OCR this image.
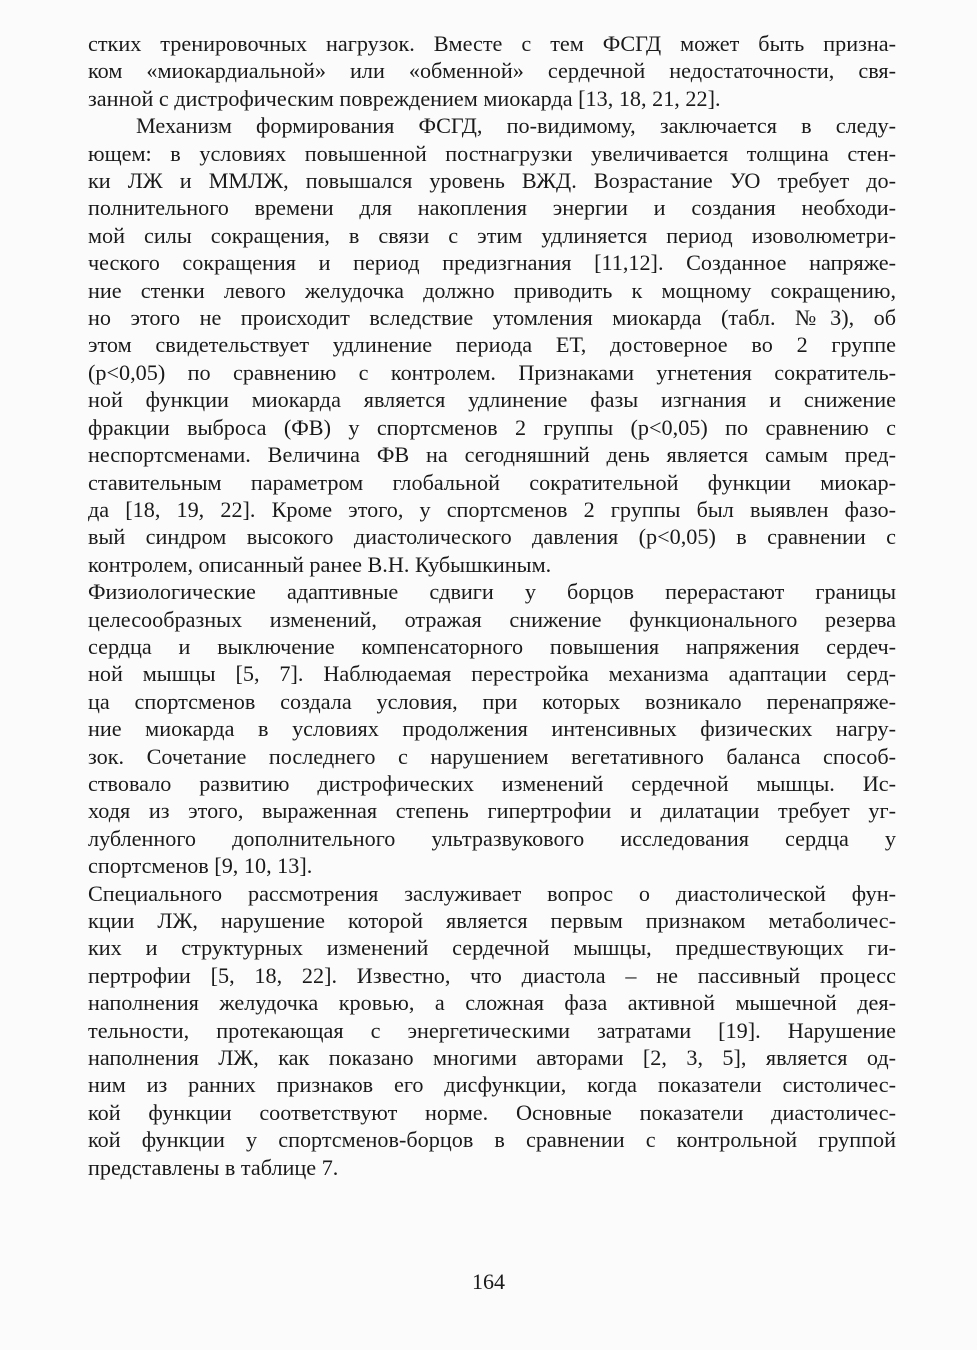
стких тренировочных нагрузок. Вместе с тем ФСГД может быть призна-
ком «миокардиальной» или «обменной» сердечной недостаточности, свя-
занной с дистрофическим повреждением миокарда [13, 18, 21, 22].
Механизм формирования ФСГД, по-видимому, заключается в следу-
ющем: в условиях повышенной постнагрузки увеличивается толщина стен-
ки ЛЖ и ММЛЖ, повышался уровень ВЖД. Возрастание УО требует до-
полнительного времени для накопления энергии и создания необходи-
мой силы сокращения, в связи с этим удлиняется период изоволюметри-
ческого сокращения и период предизгнания [11,12]. Созданное напряже-
ние стенки левого желудочка должно приводить к мощному сокращению,
но этого не происходит вследствие утомления миокарда (табл. №3), об
этом свидетельствует удлинение периода ЕТ, достоверное во 2 группе
(р<0,05) по сравнению с контролем. Признаками угнетения сократитель-
ной функции миокарда является удлинение фазы изгнания и снижение
фракции выброса (ФВ) у спортсменов 2 группы (р<0,05) по сравнению с
неспортсменами. Величина ФВ на сегодняшний день является самым пред-
ставительным параметром глобальной сократительной функции миокар-
да [18, 19, 22]. Кроме этого, у спортсменов 2 группы был выявлен фазо-
вый синдром высокого диастолического давления (р<0,05) в сравнении с
контролем, описанный ранее В.Н. Кубышкиным.
Физиологические адаптивные сдвиги у борцов перерастают границы
целесообразных изменений, отражая снижение функционального резерва
сердца и выключение компенсаторного повышения напряжения сердеч-
ной мышцы [5, 7]. Наблюдаемая перестройка механизма адаптации серд-
ца спортсменов создала условия, при которых возникало перенапряже-
ние миокарда в условиях продолжения интенсивных физических нагру-
зок. Сочетание последнего с нарушением вегетативного баланса способ-
ствовало развитию дистрофических изменений сердечной мышцы. Ис-
ходя из этого, выраженная степень гипертрофии и дилатации требует уг-
лубленного дополнительного ультразвукового исследования сердца у
спортсменов [9, 10, 13].
Специального рассмотрения заслуживает вопрос о диастолической фун-
кции ЛЖ, нарушение которой является первым признаком метаболичес-
ких и структурных изменений сердечной мышцы, предшествующих ги-
пертрофии [5, 18, 22]. Известно, что диастола – не пассивный процесс
наполнения желудочка кровью, а сложная фаза активной мышечной дея-
тельности, протекающая с энергетическими затратами [19]. Нарушение
наполнения ЛЖ, как показано многими авторами [2, 3, 5], является од-
ним из ранних признаков его дисфункции, когда показатели систоличес-
кой функции соответствуют норме. Основные показатели диастоличес-
кой функции у спортсменов-борцов в сравнении с контрольной группой
представлены в таблице 7.
164
